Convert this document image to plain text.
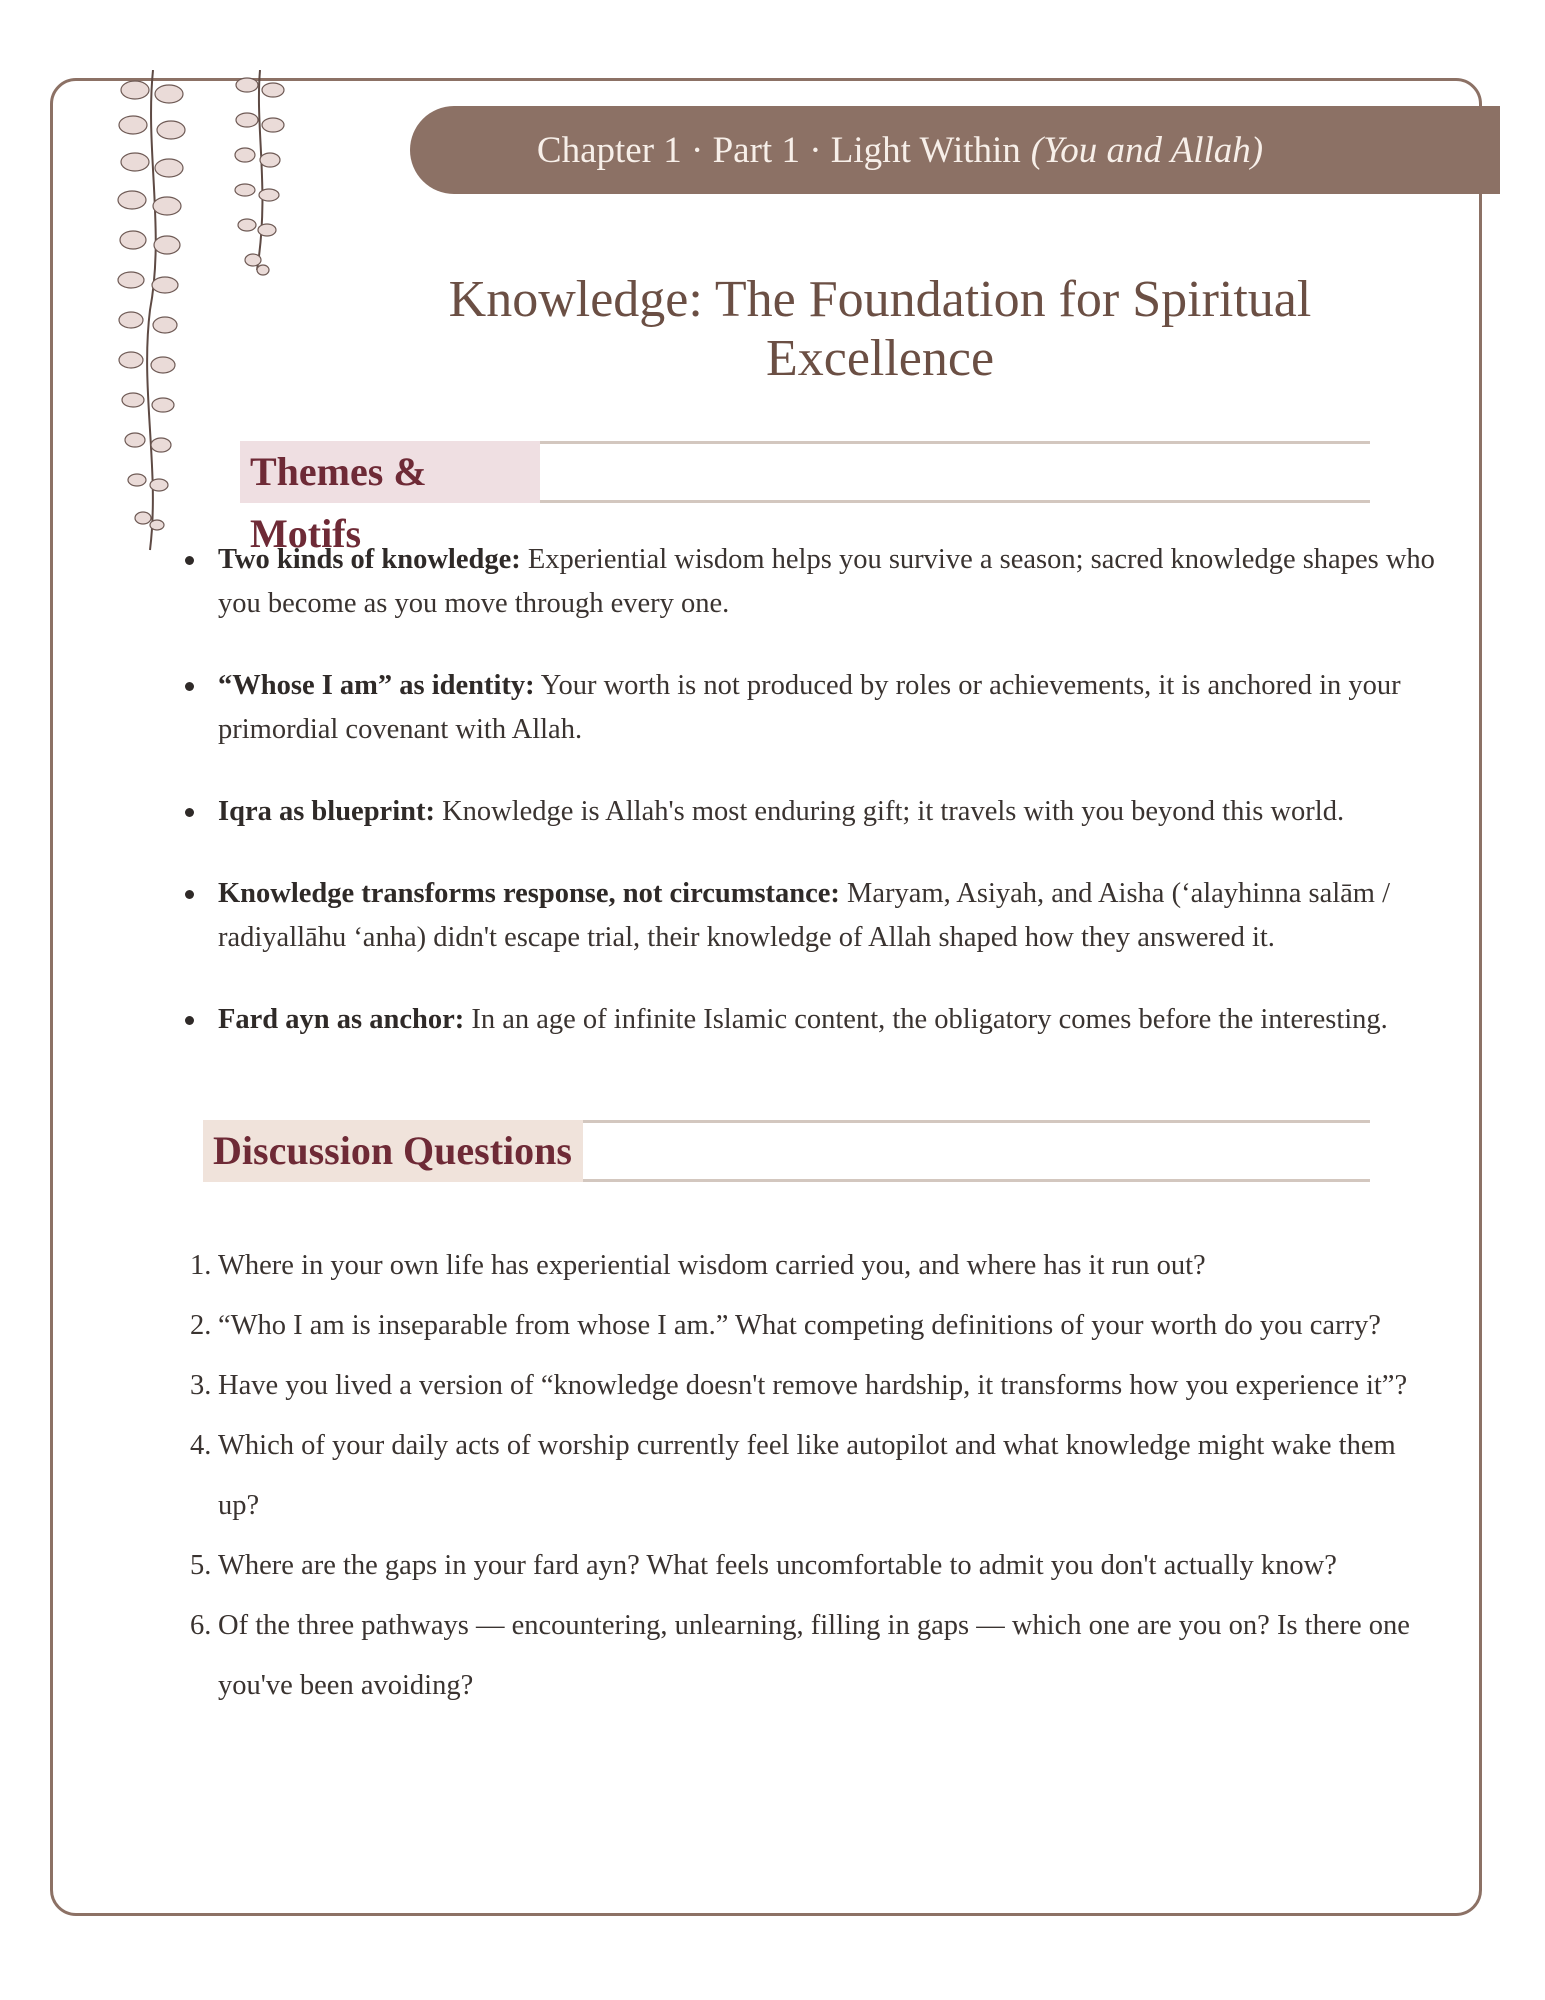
Chapter 1 · Part 1 · Light Within (You and Allah)
Knowledge: The Foundation for Spiritual Excellence
Themes & Motifs
Two kinds of knowledge: Experiential wisdom helps you survive a season; sacred knowledge shapes who you become as you move through every one.
“Whose I am” as identity: Your worth is not produced by roles or achievements, it is anchored in your primordial covenant with Allah.
Iqra as blueprint: Knowledge is Allah's most enduring gift; it travels with you beyond this world.
Knowledge transforms response, not circumstance: Maryam, Asiyah, and Aisha (‘alayhinna salām / radiyallāhu ‘anha) didn't escape trial, their knowledge of Allah shaped how they answered it.
Fard ayn as anchor: In an age of infinite Islamic content, the obligatory comes before the interesting.
Discussion Questions
1. Where in your own life has experiential wisdom carried you, and where has it run out?
2. “Who I am is inseparable from whose I am.” What competing definitions of your worth do you carry?
3. Have you lived a version of “knowledge doesn't remove hardship, it transforms how you experience it”?
4. Which of your daily acts of worship currently feel like autopilot and what knowledge might wake them up?
5. Where are the gaps in your fard ayn? What feels uncomfortable to admit you don't actually know?
6. Of the three pathways — encountering, unlearning, filling in gaps — which one are you on? Is there one you've been avoiding?
